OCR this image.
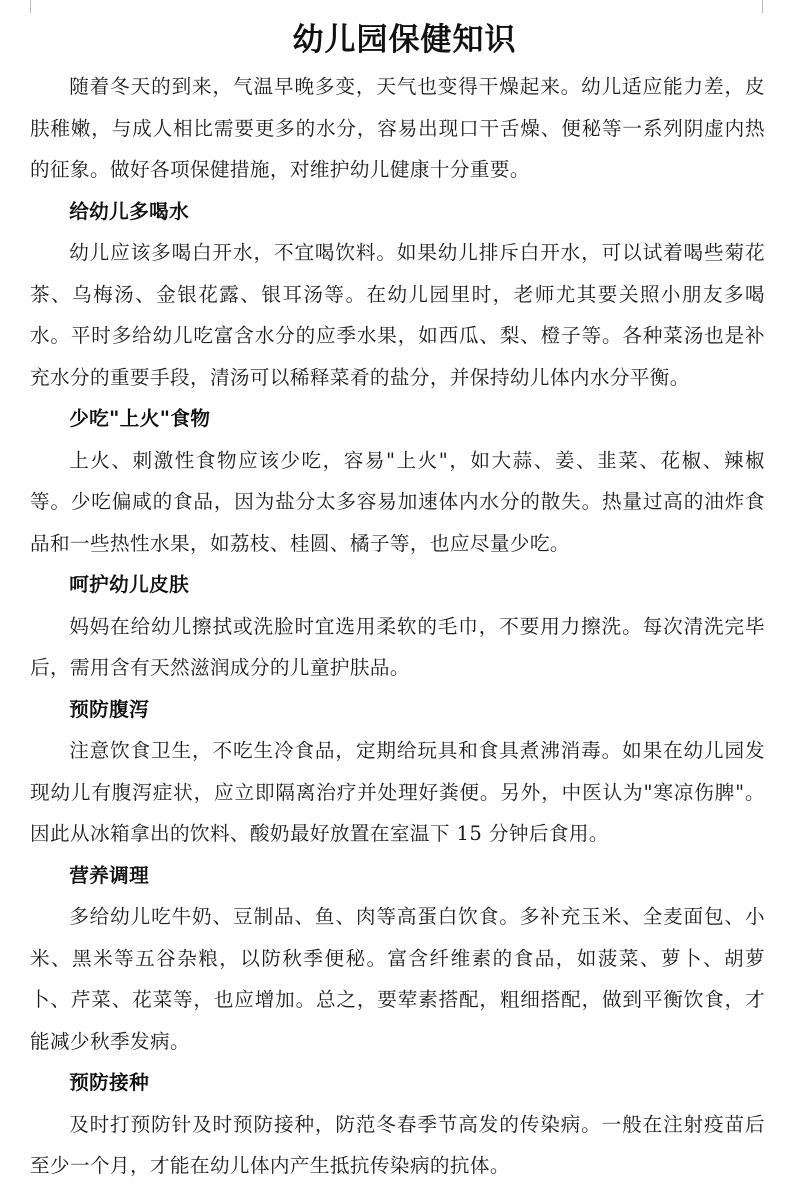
幼儿园保健知识

随着冬天的到来，气温早晚多变，天气也变得干燥起来。幼儿适应能力差，皮肤稚嫩，与成人相比需要更多的水分，容易出现口干舌燥、便秘等一系列阴虚内热的征象。做好各项保健措施，对维护幼儿健康十分重要。

给幼儿多喝水

幼儿应该多喝白开水，不宜喝饮料。如果幼儿排斥白开水，可以试着喝些菊花茶、乌梅汤、金银花露、银耳汤等。在幼儿园里时，老师尤其要关照小朋友多喝水。平时多给幼儿吃富含水分的应季水果，如西瓜、梨、橙子等。各种菜汤也是补充水分的重要手段，清汤可以稀释菜肴的盐分，并保持幼儿体内水分平衡。

少吃"上火"食物

上火、刺激性食物应该少吃，容易"上火"，如大蒜、姜、韭菜、花椒、辣椒等。少吃偏咸的食品，因为盐分太多容易加速体内水分的散失。热量过高的油炸食品和一些热性水果，如荔枝、桂圆、橘子等，也应尽量少吃。

呵护幼儿皮肤

妈妈在给幼儿擦拭或洗脸时宜选用柔软的毛巾，不要用力擦洗。每次清洗完毕后，需用含有天然滋润成分的儿童护肤品。

预防腹泻

注意饮食卫生，不吃生冷食品，定期给玩具和食具煮沸消毒。如果在幼儿园发现幼儿有腹泻症状，应立即隔离治疗并处理好粪便。另外，中医认为"寒凉伤脾"。因此从冰箱拿出的饮料、酸奶最好放置在室温下 15 分钟后食用。

营养调理

多给幼儿吃牛奶、豆制品、鱼、肉等高蛋白饮食。多补充玉米、全麦面包、小米、黑米等五谷杂粮，以防秋季便秘。富含纤维素的食品，如菠菜、萝卜、胡萝卜、芹菜、花菜等，也应增加。总之，要荤素搭配，粗细搭配，做到平衡饮食，才能减少秋季发病。

预防接种

及时打预防针及时预防接种，防范冬春季节高发的传染病。一般在注射疫苗后至少一个月，才能在幼儿体内产生抵抗传染病的抗体。
